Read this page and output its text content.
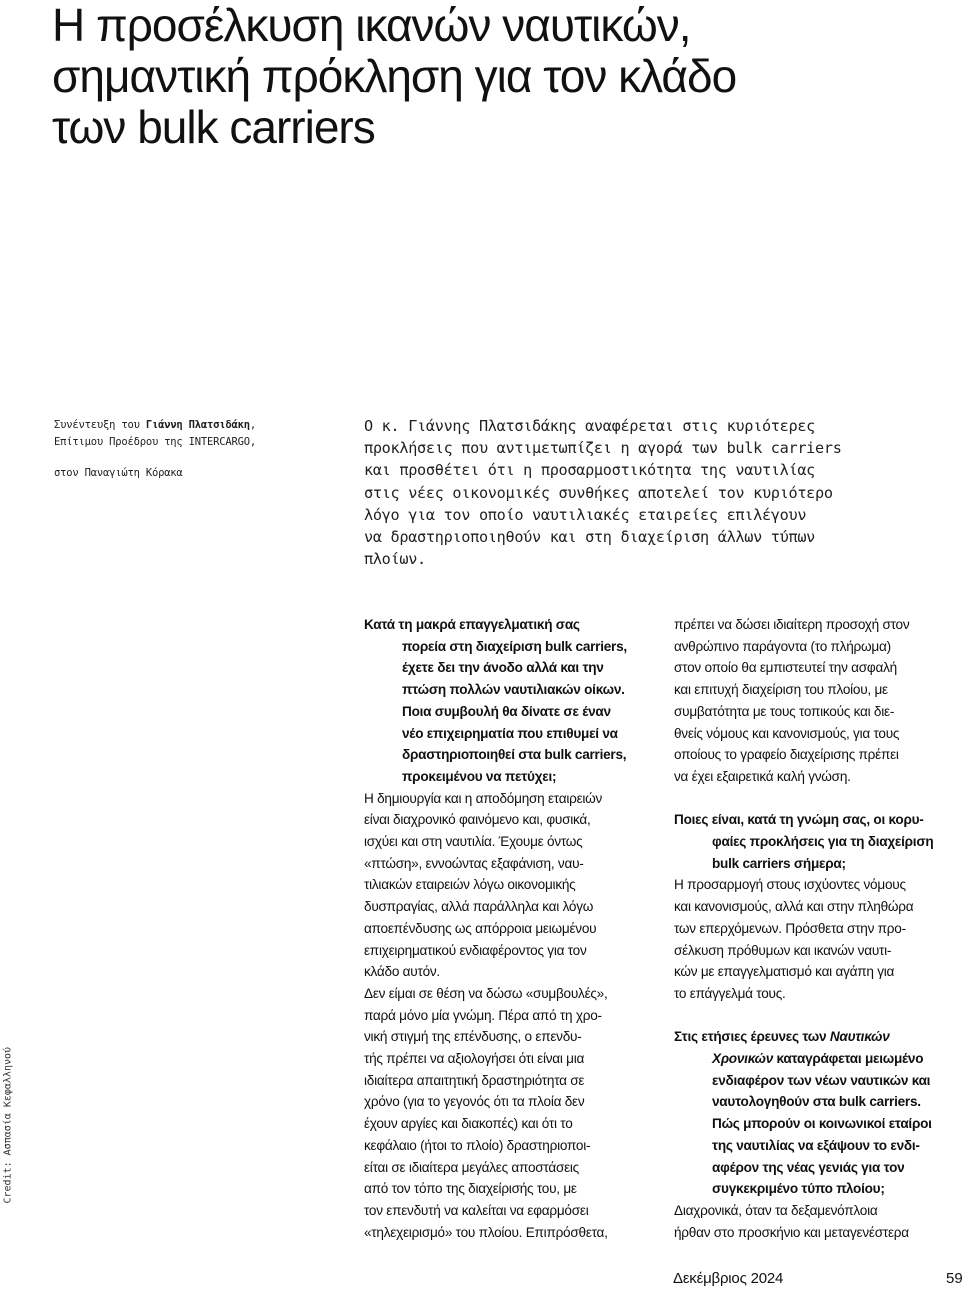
Η προσέλκυση ικανών ναυτικών,
σημαντική πρόκληση για τον κλάδο
των bulk carriers
Συνέντευξη του Γιάννη Πλατσιδάκη,
Επίτιμου Προέδρου της INTERCARGO,
στον Παναγιώτη Κόρακα
Ο κ. Γιάννης Πλατσιδάκης αναφέρεται στις κυριότερες
προκλήσεις που αντιμετωπίζει η αγορά των bulk carriers
και προσθέτει ότι η προσαρμοστικότητα της ναυτιλίας
στις νέες οικονομικές συνθήκες αποτελεί τον κυριότερο
λόγο για τον οποίο ναυτιλιακές εταιρείες επιλέγουν
να δραστηριοποιηθούν και στη διαχείριση άλλων τύπων
πλοίων.
Κατά τη μακρά επαγγελματική σας
πορεία στη διαχείριση bulk carriers,
έχετε δει την άνοδο αλλά και την
πτώση πολλών ναυτιλιακών οίκων.
Ποια συμβουλή θα δίνατε σε έναν
νέο επιχειρηματία που επιθυμεί να
δραστηριοποιηθεί στα bulk carriers,
προκειμένου να πετύχει;
Η δημιουργία και η αποδόμηση εταιρειών
είναι διαχρονικό φαινόμενο και, φυσικά,
ισχύει και στη ναυτιλία. Έχουμε όντως
«πτώση», εννοώντας εξαφάνιση, ναυ-
τιλιακών εταιρειών λόγω οικονομικής
δυσπραγίας, αλλά παράλληλα και λόγω
αποεπένδυσης ως απόρροια μειωμένου
επιχειρηματικού ενδιαφέροντος για τον
κλάδο αυτόν.
Δεν είμαι σε θέση να δώσω «συμβουλές»,
παρά μόνο μία γνώμη. Πέρα από τη χρο-
νική στιγμή της επένδυσης, ο επενδυ-
τής πρέπει να αξιολογήσει ότι είναι μια
ιδιαίτερα απαιτητική δραστηριότητα σε
χρόνο (για το γεγονός ότι τα πλοία δεν
έχουν αργίες και διακοπές) και ότι το
κεφάλαιο (ήτοι το πλοίο) δραστηριοποι-
είται σε ιδιαίτερα μεγάλες αποστάσεις
από τον τόπο της διαχείρισής του, με
τον επενδυτή να καλείται να εφαρμόσει
«τηλεχειρισμό» του πλοίου. Επιπρόσθετα,
πρέπει να δώσει ιδιαίτερη προσοχή στον
ανθρώπινο παράγοντα (το πλήρωμα)
στον οποίο θα εμπιστευτεί την ασφαλή
και επιτυχή διαχείριση του πλοίου, με
συμβατότητα με τους τοπικούς και διε-
θνείς νόμους και κανονισμούς, για τους
οποίους το γραφείο διαχείρισης πρέπει
να έχει εξαιρετικά καλή γνώση.
Ποιες είναι, κατά τη γνώμη σας, οι κορυ-
φαίες προκλήσεις για τη διαχείριση
bulk carriers σήμερα;
Η προσαρμογή στους ισχύοντες νόμους
και κανονισμούς, αλλά και στην πληθώρα
των επερχόμενων. Πρόσθετα στην προ-
σέλκυση πρόθυμων και ικανών ναυτι-
κών με επαγγελματισμό και αγάπη για
το επάγγελμά τους.
Στις ετήσιες έρευνες των Ναυτικών
Χρονικών καταγράφεται μειωμένο
ενδιαφέρον των νέων ναυτικών και
ναυτολογηθούν στα bulk carriers.
Πώς μπορούν οι κοινωνικοί εταίροι
της ναυτιλίας να εξάψουν το ενδι-
αφέρον της νέας γενιάς για τον
συγκεκριμένο τύπο πλοίου;
Διαχρονικά, όταν τα δεξαμενόπλοια
ήρθαν στο προσκήνιο και μεταγενέστερα
Credit: Ασπασία Κεφαλληνού
Δεκέμβριος 2024	59
